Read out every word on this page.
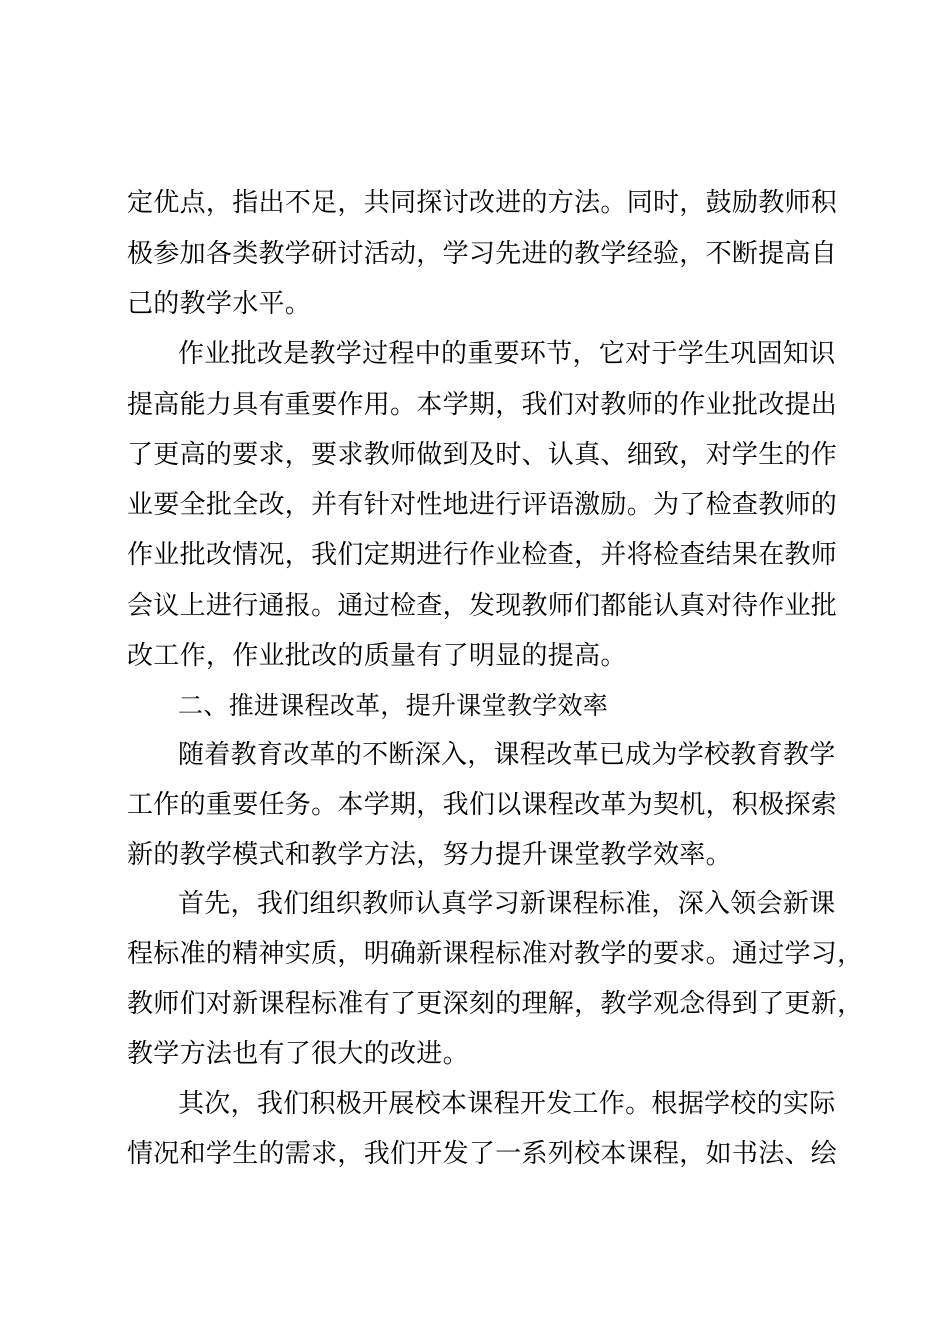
定优点，指出不足，共同探讨改进的方法。同时，鼓励教师积
极参加各类教学研讨活动，学习先进的教学经验，不断提高自
己的教学水平。
作业批改是教学过程中的重要环节，它对于学生巩固知识
提高能力具有重要作用。本学期，我们对教师的作业批改提出
了更高的要求，要求教师做到及时、认真、细致，对学生的作
业要全批全改，并有针对性地进行评语激励。为了检查教师的
作业批改情况，我们定期进行作业检查，并将检查结果在教师
会议上进行通报。通过检查，发现教师们都能认真对待作业批
改工作，作业批改的质量有了明显的提高。
二、推进课程改革，提升课堂教学效率
随着教育改革的不断深入，课程改革已成为学校教育教学
工作的重要任务。本学期，我们以课程改革为契机，积极探索
新的教学模式和教学方法，努力提升课堂教学效率。
首先，我们组织教师认真学习新课程标准，深入领会新课
程标准的精神实质，明确新课程标准对教学的要求。通过学习，
教师们对新课程标准有了更深刻的理解，教学观念得到了更新，
教学方法也有了很大的改进。
其次，我们积极开展校本课程开发工作。根据学校的实际
情况和学生的需求，我们开发了一系列校本课程，如书法、绘
